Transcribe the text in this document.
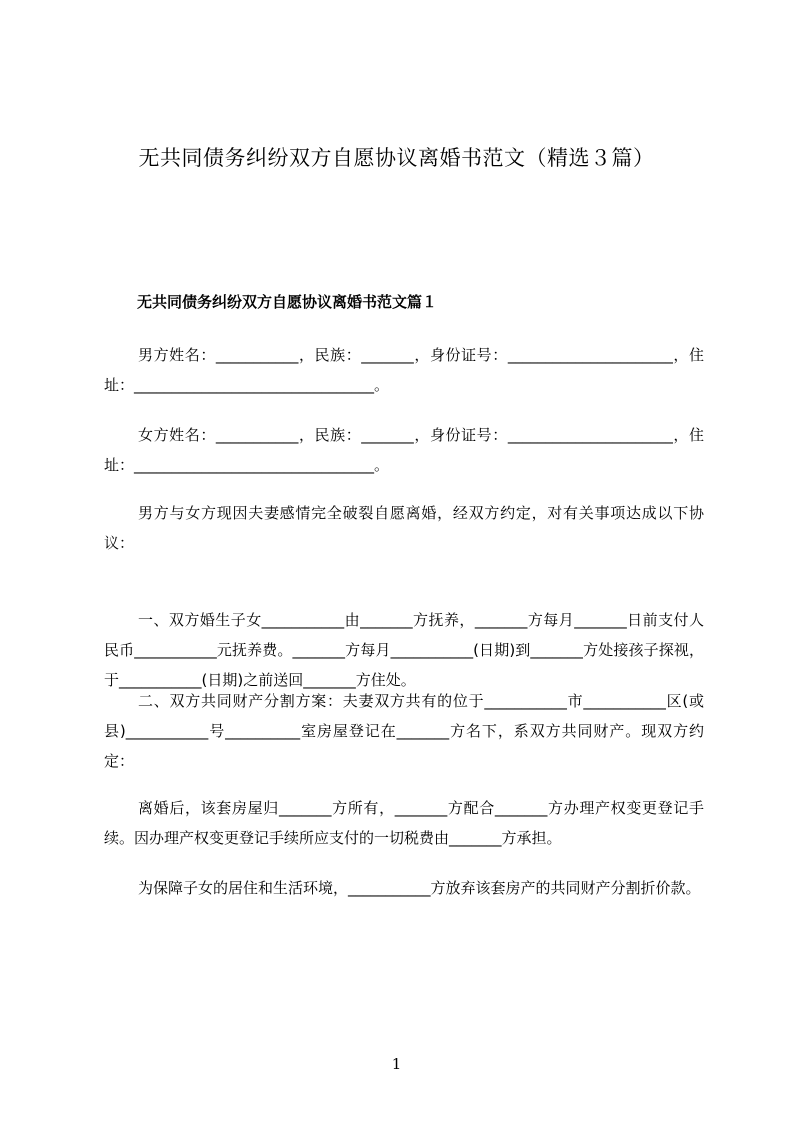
无共同债务纠纷双方自愿协议离婚书范文（精选３篇）
无共同债务纠纷双方自愿协议离婚书范文篇１
男方姓名：___________，民族：_______，身份证号：______________________，住址：________________________________。
女方姓名：___________，民族：_______，身份证号：______________________，住址：________________________________。
男方与女方现因夫妻感情完全破裂自愿离婚，经双方约定，对有关事项达成以下协议：
一、双方婚生子女___________由_______方抚养，_______方每月_______日前支付人民币___________元抚养费。_______方每月___________(日期)到_______方处接孩子探视，于___________(日期)之前送回_______方住处。
二、双方共同财产分割方案：夫妻双方共有的位于___________市___________区(或县)___________号__________室房屋登记在_______方名下，系双方共同财产。现双方约定：
离婚后，该套房屋归_______方所有，_______方配合_______方办理产权变更登记手续。因办理产权变更登记手续所应支付的一切税费由_______方承担。
为保障子女的居住和生活环境，___________方放弃该套房产的共同财产分割折价款。
1
